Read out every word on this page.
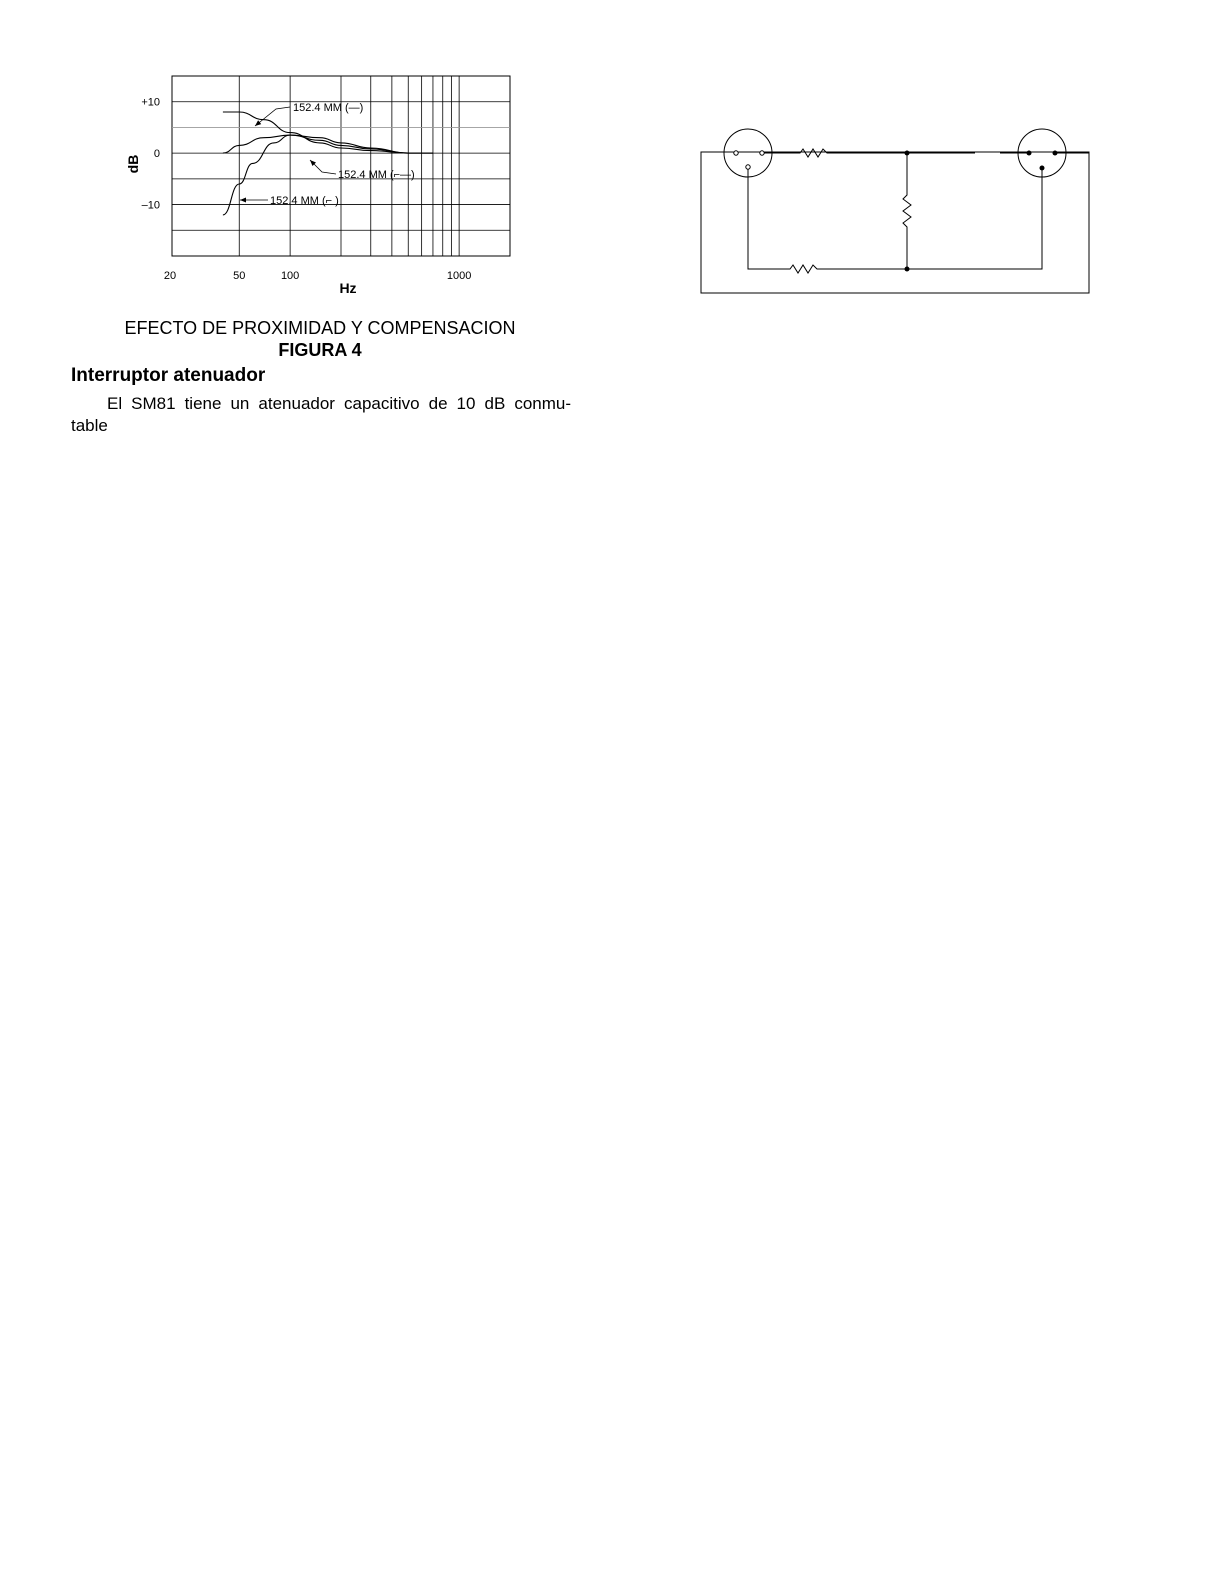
+10
0
–10
20	50	100	1000
152.4 MM (—)
152.4 MM (⌐—)
152.4 MM (⌐ )
dB
Hz
EFECTO DE PROXIMIDAD Y COMPENSACION
FIGURA 4
Interruptor atenuador
El SM81 tiene un atenuador capacitivo de 10 dB conmu-
table
